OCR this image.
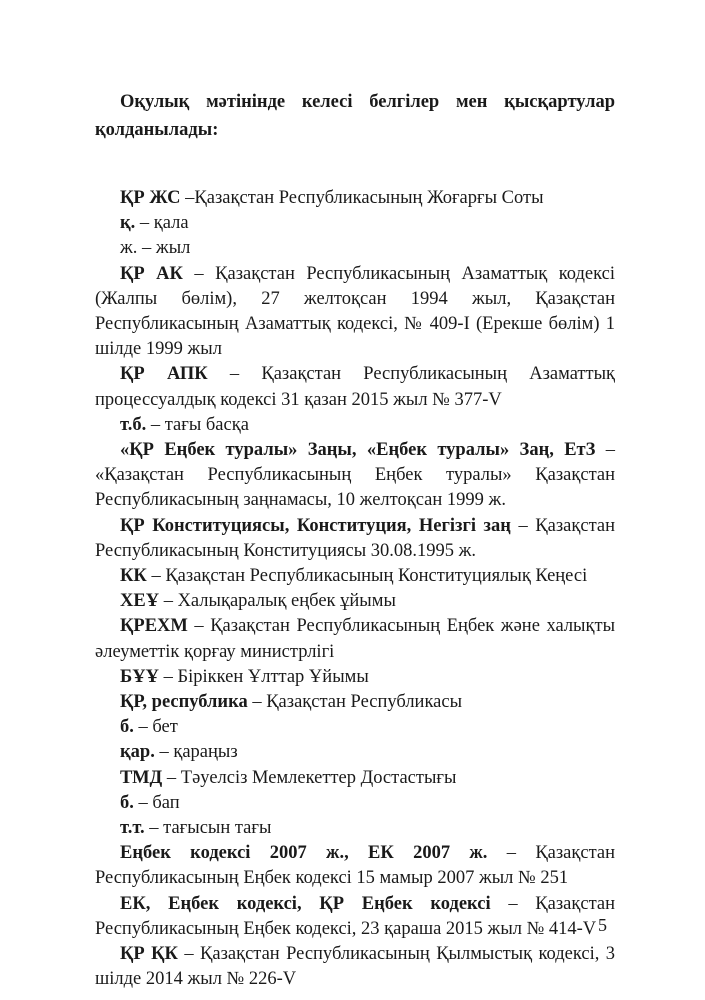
Оқулық мәтінінде келесі белгілер мен қысқартулар қолданылады:

ҚР ЖС –Қазақстан Республикасының Жоғарғы Соты

қ. – қала

ж. – жыл

ҚР АК – Қазақстан Республикасының Азаматтық кодексі (Жалпы бөлім), 27 желтоқсан 1994 жыл, Қазақстан Республикасының Азаматтық кодексі, № 409-І (Ерекше бөлім) 1 шілде 1999 жыл

ҚР АПК – Қазақстан Республикасының Азаматтық процессуалдық кодексі 31 қазан 2015 жыл № 377-V

т.б. – тағы басқа

«ҚР Еңбек туралы» Заңы, «Еңбек туралы» Заң, ЕтЗ – «Қазақстан Республикасының Еңбек туралы» Қазақстан Республикасының заңнамасы, 10 желтоқсан 1999 ж.

ҚР Конституциясы, Конституция, Негізгі заң – Қазақстан Республикасының Конституциясы 30.08.1995 ж.

КК – Қазақстан Республикасының Конституциялық Кеңесі

ХЕҰ – Халықаралық еңбек ұйымы

ҚРЕХМ – Қазақстан Республикасының Еңбек және халықты әлеуметтік қорғау министрлігі

БҰҰ – Біріккен Ұлттар Ұйымы

ҚР, республика – Қазақстан Республикасы

б. – бет

қар. – қараңыз

ТМД – Тәуелсіз Мемлекеттер Достастығы

б. – бап

т.т. – тағысын тағы

Еңбек кодексі 2007 ж., ЕК 2007 ж. – Қазақстан Республикасының Еңбек кодексі 15 мамыр 2007 жыл № 251

ЕК, Еңбек кодексі, ҚР Еңбек кодексі – Қазақстан Республикасының Еңбек кодексі, 23 қараша 2015 жыл № 414-V

ҚР ҚК – Қазақстан Республикасының Қылмыстық кодексі, 3 шілде 2014 жыл № 226-V

5
